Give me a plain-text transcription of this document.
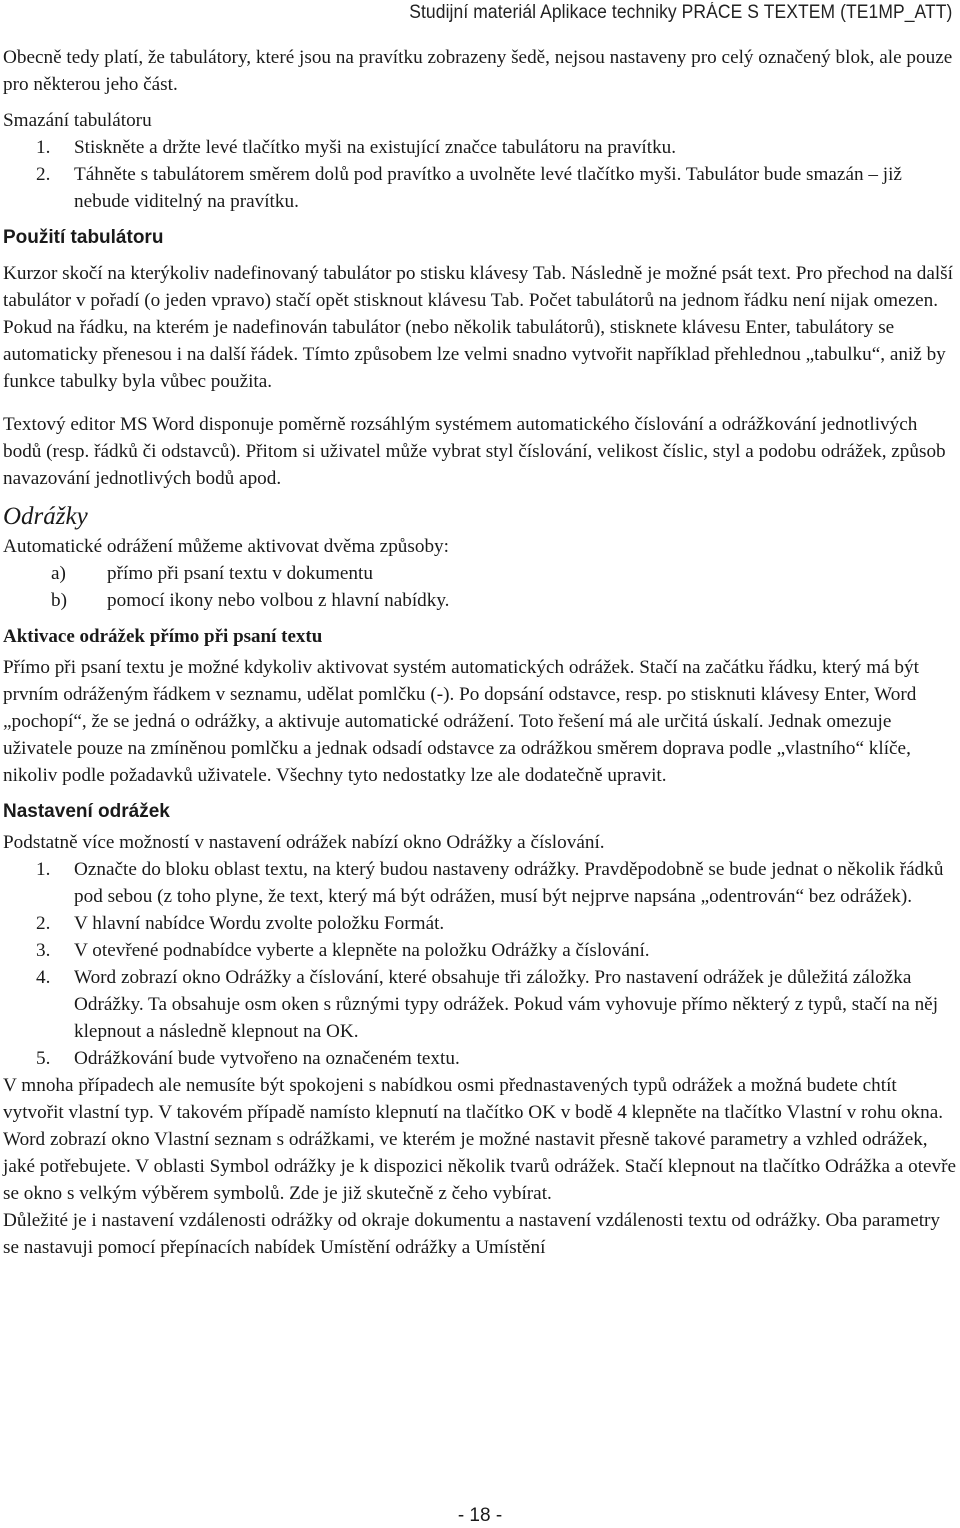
Studijní materiál Aplikace techniky PRÁCE S TEXTEM (TE1MP_ATT)

Obecně tedy platí, že tabulátory, které jsou na pravítku zobrazeny šedě, nejsou nastaveny pro celý označený blok, ale pouze pro některou jeho část.

Smazání tabulátoru

1. Stiskněte a držte levé tlačítko myši na existující značce tabulátoru na pravítku.
2. Táhněte s tabulátorem směrem dolů pod pravítko a uvolněte levé tlačítko myši. Tabulátor bude smazán – již nebude viditelný na pravítku.

Použití tabulátoru

Kurzor skočí na kterýkoliv nadefinovaný tabulátor po stisku klávesy Tab. Následně je možné psát text. Pro přechod na další tabulátor v pořadí (o jeden vpravo) stačí opět stisknout klávesu Tab. Počet tabulátorů na jednom řádku není nijak omezen. Pokud na řádku, na kterém je nadefinován tabulátor (nebo několik tabulátorů), stisknete klávesu Enter, tabulátory se automaticky přenesou i na další řádek. Tímto způsobem lze velmi snadno vytvořit například přehlednou „tabulku“, aniž by funkce tabulky byla vůbec použita.

Textový editor MS Word disponuje poměrně rozsáhlým systémem automatického číslování a odrážkování jednotlivých bodů (resp. řádků či odstavců). Přitom si uživatel může vybrat styl číslování, velikost číslic, styl a podobu odrážek, způsob navazování jednotlivých bodů apod.

Odrážky

Automatické odrážení můžeme aktivovat dvěma způsoby:

a) přímo při psaní textu v dokumentu
b) pomocí ikony nebo volbou z hlavní nabídky.

Aktivace odrážek přímo při psaní textu

Přímo při psaní textu je možné kdykoliv aktivovat systém automatických odrážek. Stačí na začátku řádku, který má být prvním odráženým řádkem v seznamu, udělat pomlčku (-). Po dopsání odstavce, resp. po stisknuti klávesy Enter, Word „pochopí“, že se jedná o odrážky, a aktivuje automatické odrážení. Toto řešení má ale určitá úskalí. Jednak omezuje uživatele pouze na zmíněnou pomlčku a jednak odsadí odstavce za odrážkou směrem doprava podle „vlastního“ klíče, nikoliv podle požadavků uživatele. Všechny tyto nedostatky lze ale dodatečně upravit.

Nastavení odrážek

Podstatně více možností v nastavení odrážek nabízí okno Odrážky a číslování.

1. Označte do bloku oblast textu, na který budou nastaveny odrážky. Pravděpodobně se bude jednat o několik řádků pod sebou (z toho plyne, že text, který má být odrážen, musí být nejprve napsána „odentrován“ bez odrážek).
2. V hlavní nabídce Wordu zvolte položku Formát.
3. V otevřené podnabídce vyberte a klepněte na položku Odrážky a číslování.
4. Word zobrazí okno Odrážky a číslování, které obsahuje tři záložky. Pro nastavení odrážek je důležitá záložka Odrážky. Ta obsahuje osm oken s různými typy odrážek. Pokud vám vyhovuje přímo některý z typů, stačí na něj klepnout a následně klepnout na OK.
5. Odrážkování bude vytvořeno na označeném textu.

V mnoha případech ale nemusíte být spokojeni s nabídkou osmi přednastavených typů odrážek a možná budete chtít vytvořit vlastní typ. V takovém případě namísto klepnutí na tlačítko OK v bodě 4 klepněte na tlačítko Vlastní v rohu okna.

Word zobrazí okno Vlastní seznam s odrážkami, ve kterém je možné nastavit přesně takové parametry a vzhled odrážek, jaké potřebujete. V oblasti Symbol odrážky je k dispozici několik tvarů odrážek. Stačí klepnout na tlačítko Odrážka a otevře se okno s velkým výběrem symbolů. Zde je již skutečně z čeho vybírat.

Důležité je i nastavení vzdálenosti odrážky od okraje dokumentu a nastavení vzdálenosti textu od odrážky. Oba parametry se nastavuji pomocí přepínacích nabídek Umístění odrážky a Umístění

- 18 -
